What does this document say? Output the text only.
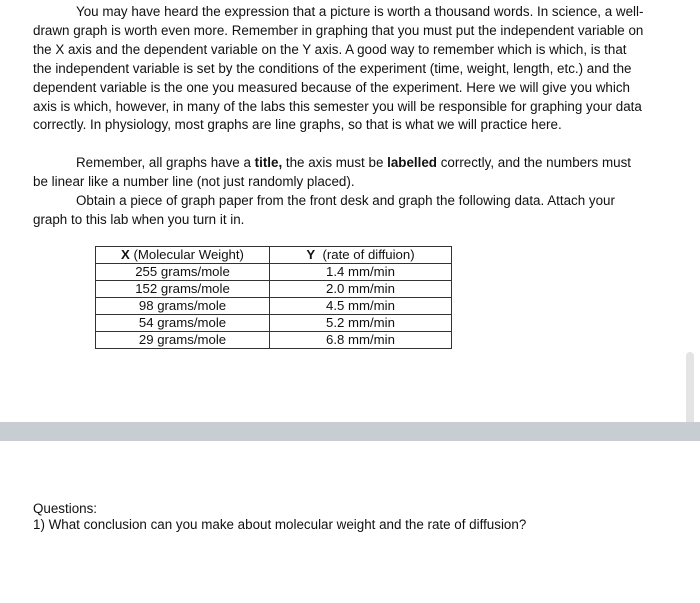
You may have heard the expression that a picture is worth a thousand words. In science, a well-drawn graph is worth even more. Remember in graphing that you must put the independent variable on the X axis and the dependent variable on the Y axis. A good way to remember which is which, is that the independent variable is set by the conditions of the experiment (time, weight, length, etc.) and the dependent variable is the one you measured because of the experiment. Here we will give you which axis is which, however, in many of the labs this semester you will be responsible for graphing your data correctly. In physiology, most graphs are line graphs, so that is what we will practice here.

Remember, all graphs have a title, the axis must be labelled correctly, and the numbers must be linear like a number line (not just randomly placed).

Obtain a piece of graph paper from the front desk and graph the following data. Attach your graph to this lab when you turn it in.

X (Molecular Weight)	Y  (rate of diffuion)
255 grams/mole	1.4 mm/min
152 grams/mole	2.0 mm/min
98 grams/mole	4.5 mm/min
54 grams/mole	5.2 mm/min
29 grams/mole	6.8 mm/min

Questions:

1) What conclusion can you make about molecular weight and the rate of diffusion?
